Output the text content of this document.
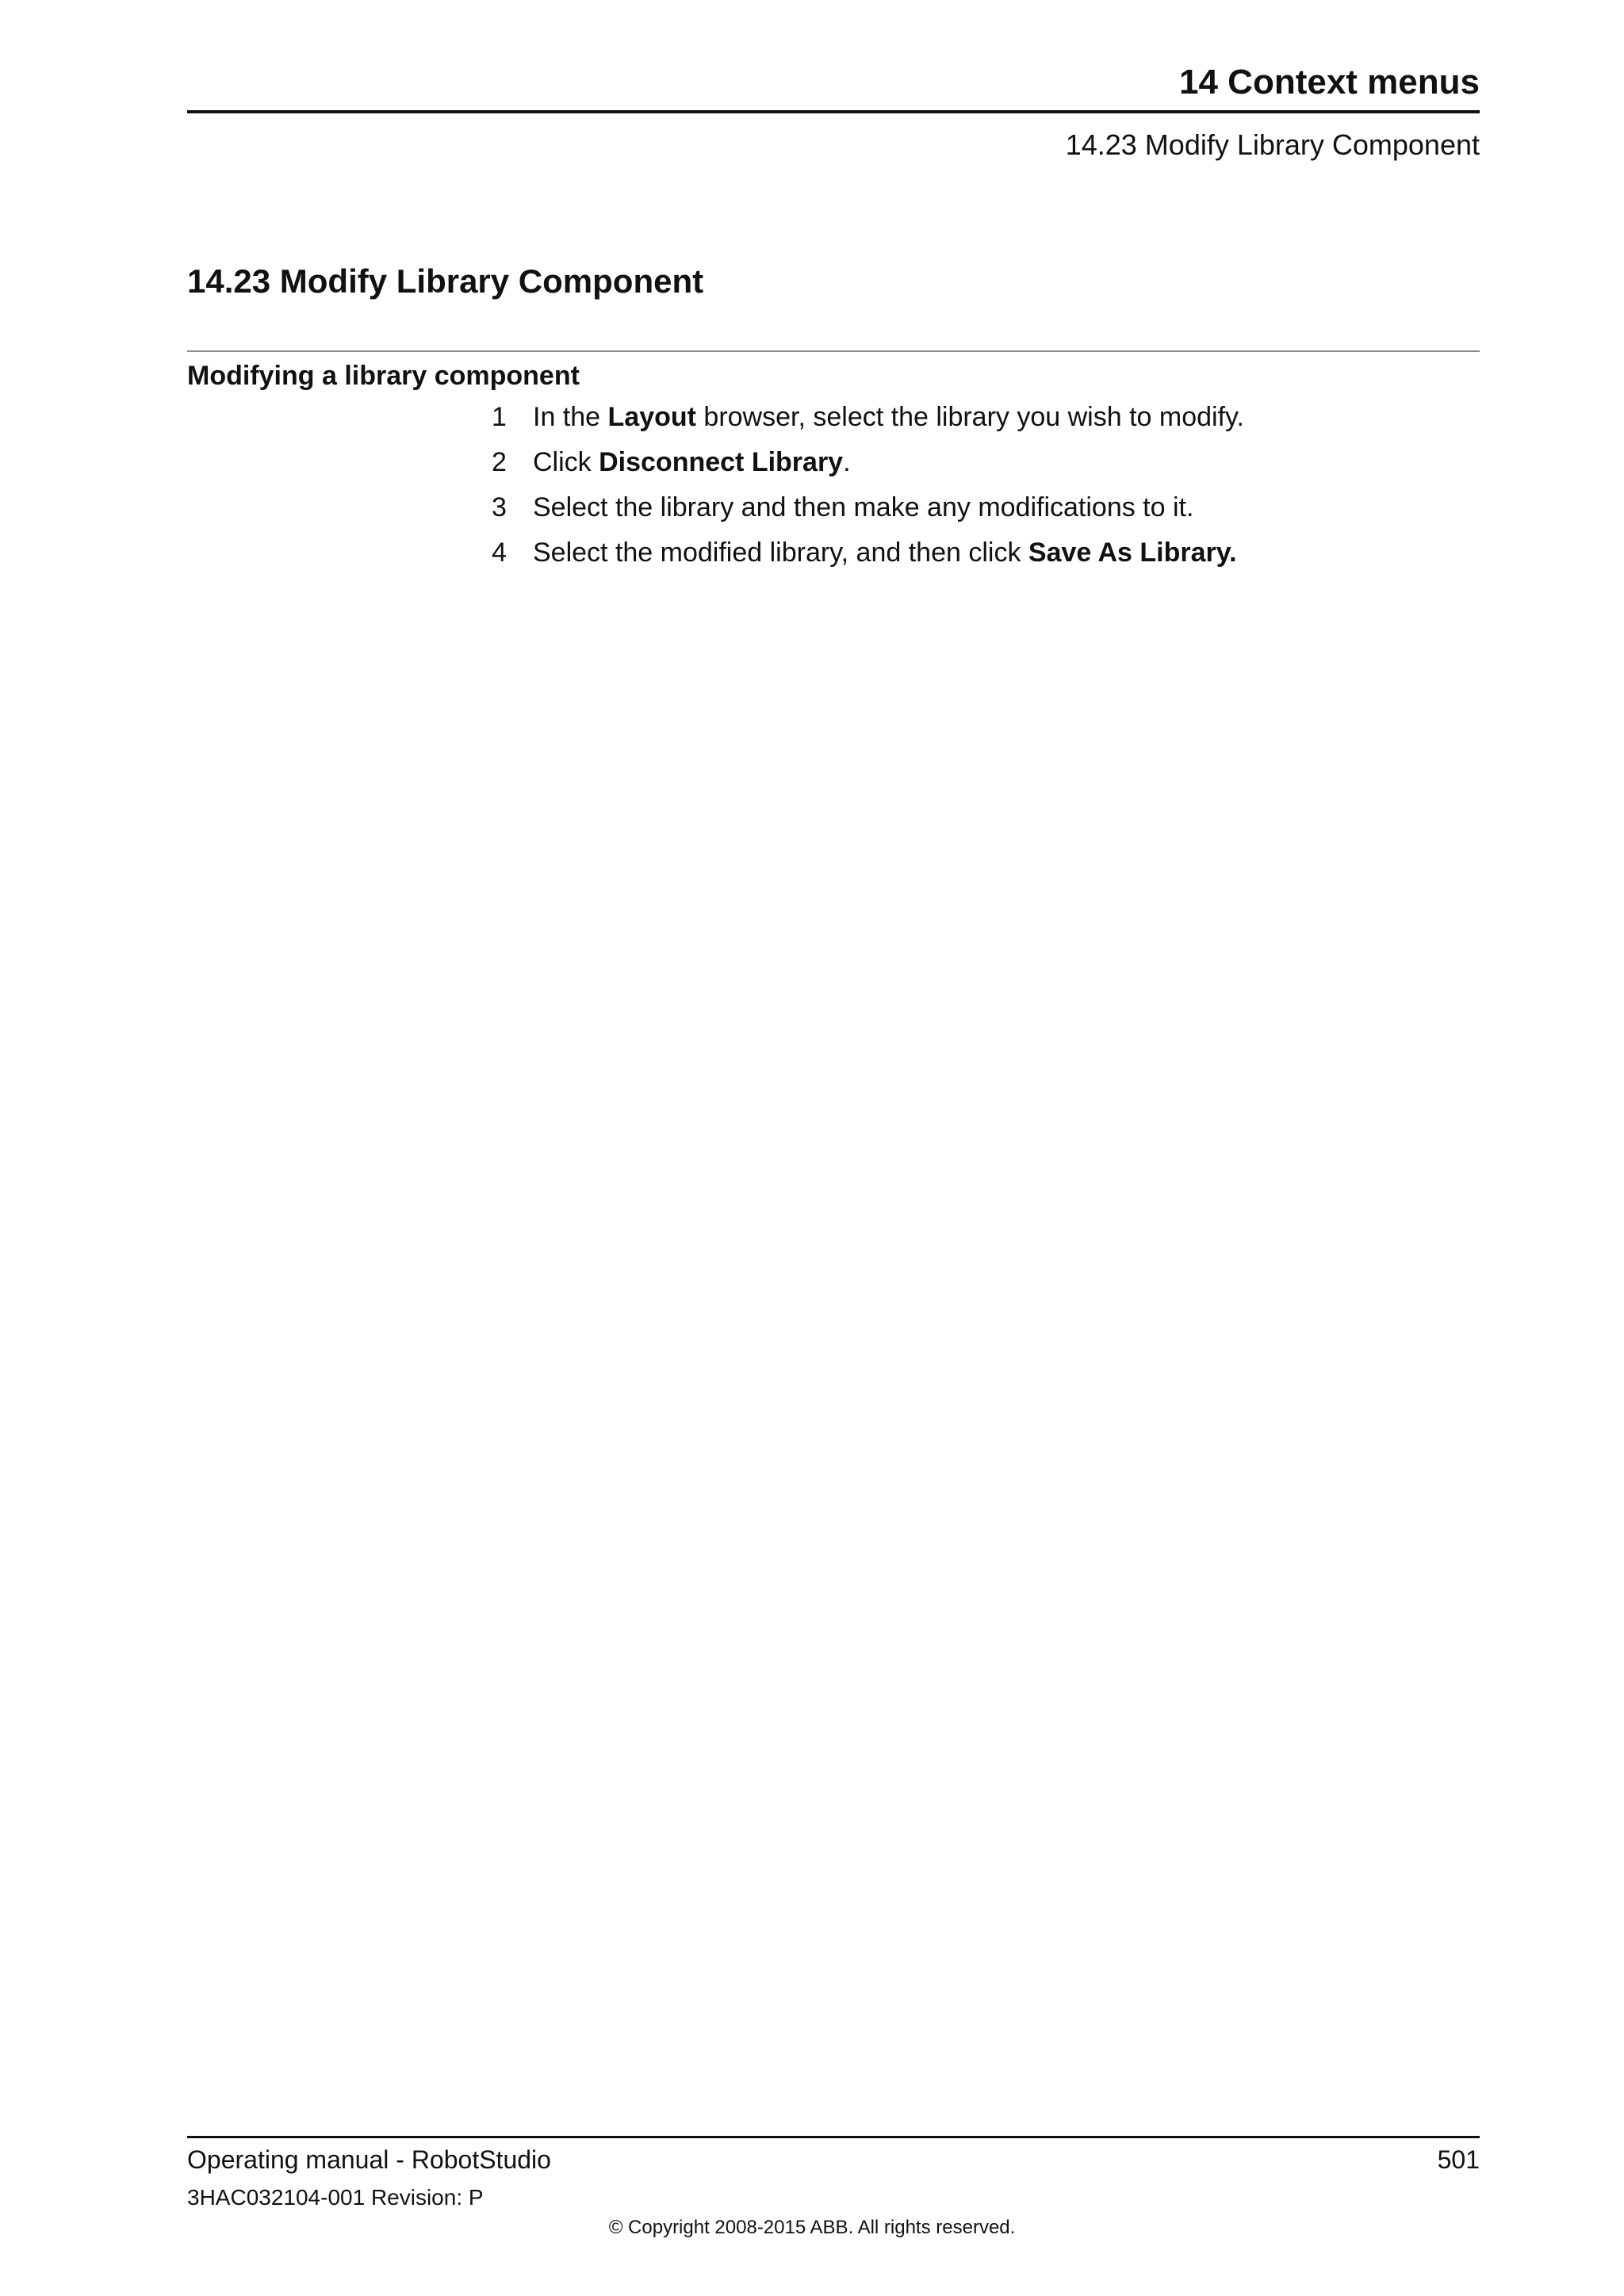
14 Context menus
14.23 Modify Library Component
14.23 Modify Library Component
Modifying a library component
1 In the Layout browser, select the library you wish to modify.
2 Click Disconnect Library.
3 Select the library and then make any modifications to it.
4 Select the modified library, and then click Save As Library.
Operating manual - RobotStudio	501
3HAC032104-001 Revision: P
© Copyright 2008-2015 ABB. All rights reserved.
